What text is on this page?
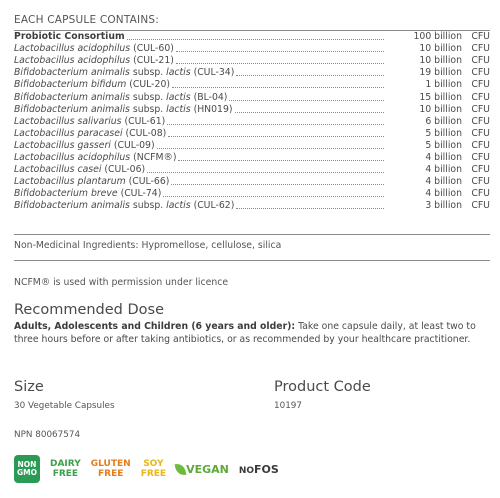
EACH CAPSULE CONTAINS:
Probiotic Consortium	100 billion	CFU
Lactobacillus acidophilus (CUL-60)	10 billion	CFU
Lactobacillus acidophilus (CUL-21)	10 billion	CFU
Bifidobacterium animalis subsp. lactis (CUL-34)	19 billion	CFU
Bifidobacterium bifidum (CUL-20)	1 billion	CFU
Bifidobacterium animalis subsp. lactis (BL-04)	15 billion	CFU
Bifidobacterium animalis subsp. lactis (HN019)	10 billion	CFU
Lactobacillus salivarius (CUL-61)	6 billion	CFU
Lactobacillus paracasei (CUL-08)	5 billion	CFU
Lactobacillus gasseri (CUL-09)	5 billion	CFU
Lactobacillus acidophilus (NCFM®)	4 billion	CFU
Lactobacillus casei (CUL-06)	4 billion	CFU
Lactobacillus plantarum (CUL-66)	4 billion	CFU
Bifidobacterium breve (CUL-74)	4 billion	CFU
Bifidobacterium animalis subsp. lactis (CUL-62)	3 billion	CFU
Non-Medicinal Ingredients: Hypromellose, cellulose, silica
NCFM® is used with permission under licence
Recommended Dose
Adults, Adolescents and Children (6 years and older): Take one capsule daily, at least two to three hours before or after taking antibiotics, or as recommended by your healthcare practitioner.
Size
30 Vegetable Capsules
Product Code
10197
NPN 80067574
NON
GMO
DAIRY
FREE
GLUTEN
FREE
SOY
FREE VEGAN NOFOS
